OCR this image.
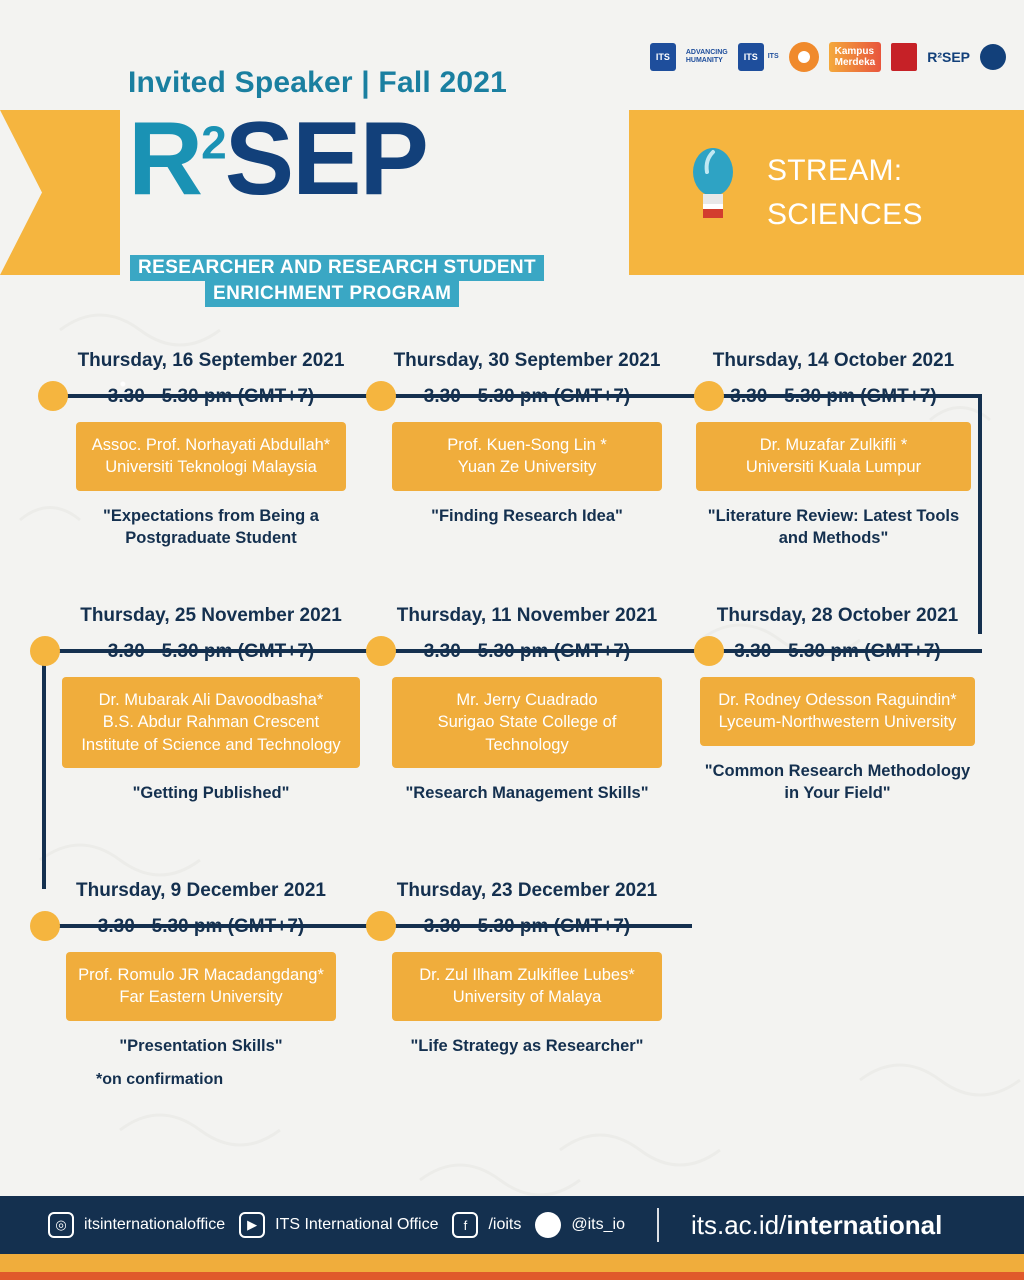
STREAM:
SCIENCES
Invited Speaker | Fall 2021
$R^2SEP$
RESEARCHER AND RESEARCH STUDENT
ENRICHMENT PROGRAM
ITS	ADVANCING
HUMANITY	ITS	ITS	Kampus
Merdeka	R²SEP
Thursday, 16 September 2021
3.30 - 5.30 pm (GMT+7)
Assoc. Prof. Norhayati Abdullah*
Universiti Teknologi Malaysia
"Expectations from Being a Postgraduate Student
Thursday, 30 September 2021
3.30 - 5.30 pm (GMT+7)
Prof. Kuen-Song Lin *
Yuan Ze University
"Finding Research Idea"
Thursday, 14 October 2021
3.30 - 5.30 pm (GMT+7)
Dr. Muzafar Zulkifli *
Universiti Kuala Lumpur
"Literature Review: Latest Tools and Methods"
Thursday, 25 November 2021
3.30 - 5.30 pm (GMT+7)
Dr. Mubarak Ali Davoodbasha*
B.S. Abdur Rahman Crescent Institute of Science and Technology
"Getting Published"
Thursday, 11 November 2021
3.30 - 5.30 pm (GMT+7)
Mr. Jerry Cuadrado
Surigao State College of Technology
"Research Management Skills"
Thursday, 28 October 2021
3.30 - 5.30 pm (GMT+7)
Dr. Rodney Odesson Raguindin*
Lyceum-Northwestern University
"Common Research Methodology in Your Field"
Thursday, 9 December 2021
3.30 - 5.30 pm (GMT+7)
Prof. Romulo JR Macadangdang*
Far Eastern University
"Presentation Skills"
*on confirmation
Thursday, 23 December 2021
3.30 - 5.30 pm (GMT+7)
Dr. Zul Ilham Zulkiflee Lubes*
University of Malaya
"Life Strategy as Researcher"
◎	itsinternationaloffice	▶	ITS International Office	f	/ioits	@its_io	its.ac.id/international
